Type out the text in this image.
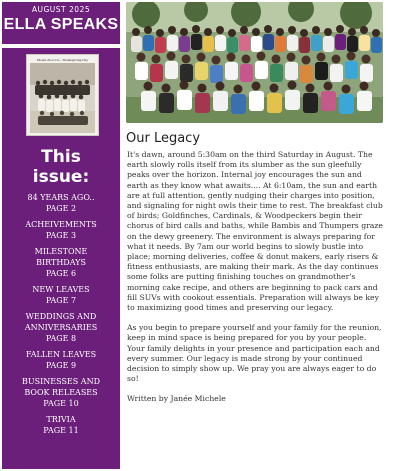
AUGUST 2025
ELLA SPEAKS
Mount Zion Ch... Thanksgiving Day
This
issue:
84 YEARS AGO..
PAGE 2
ACHEIVEMENTS
PAGE 3
MILESTONE BIRTHDAYS
PAGE 6
NEW LEAVES
PAGE 7
WEDDINGS AND ANNIVERSARIES
PAGE 8
FALLEN LEAVES
PAGE 9
BUSINESSES AND BOOK RELEASES
PAGE 10
TRIVIA
PAGE 11
Our Legacy

It's dawn, around 5:30am on the third Saturday in August. The earth slowly rolls itself from its slumber as the sun gleefully peaks over the horizon. Internal joy encourages the sun and earth as they know what awaits.... At 6:10am, the sun and earth are at full attention, gently nudging their charges into position, and signaling for night owls their time to rest. The breakfast club of birds; Goldfinches, Cardinals, & Woodpeckers begin their chorus of bird calls and baths, while Bambis and Thumpers graze on the dewy greenery. The environment is always preparing for what it needs. By 7am our world begins to slowly bustle into place; morning deliveries, coffee & donut makers, early risers & fitness enthusiasts, are making their mark. As the day continues some folks are putting finishing touches on grandmother's morning cake recipe, and others are beginning to pack cars and fill SUVs with cookout essentials. Preparation will always be key to maximizing good times and preserving our legacy.

As you begin to prepare yourself and your family for the reunion, keep in mind space is being prepared for you by your people. Your family delights in your presence and participation each and every summer. Our legacy is made strong by your continued decision to simply show up. We pray you are always eager to do so!

Written by Janée Michele
